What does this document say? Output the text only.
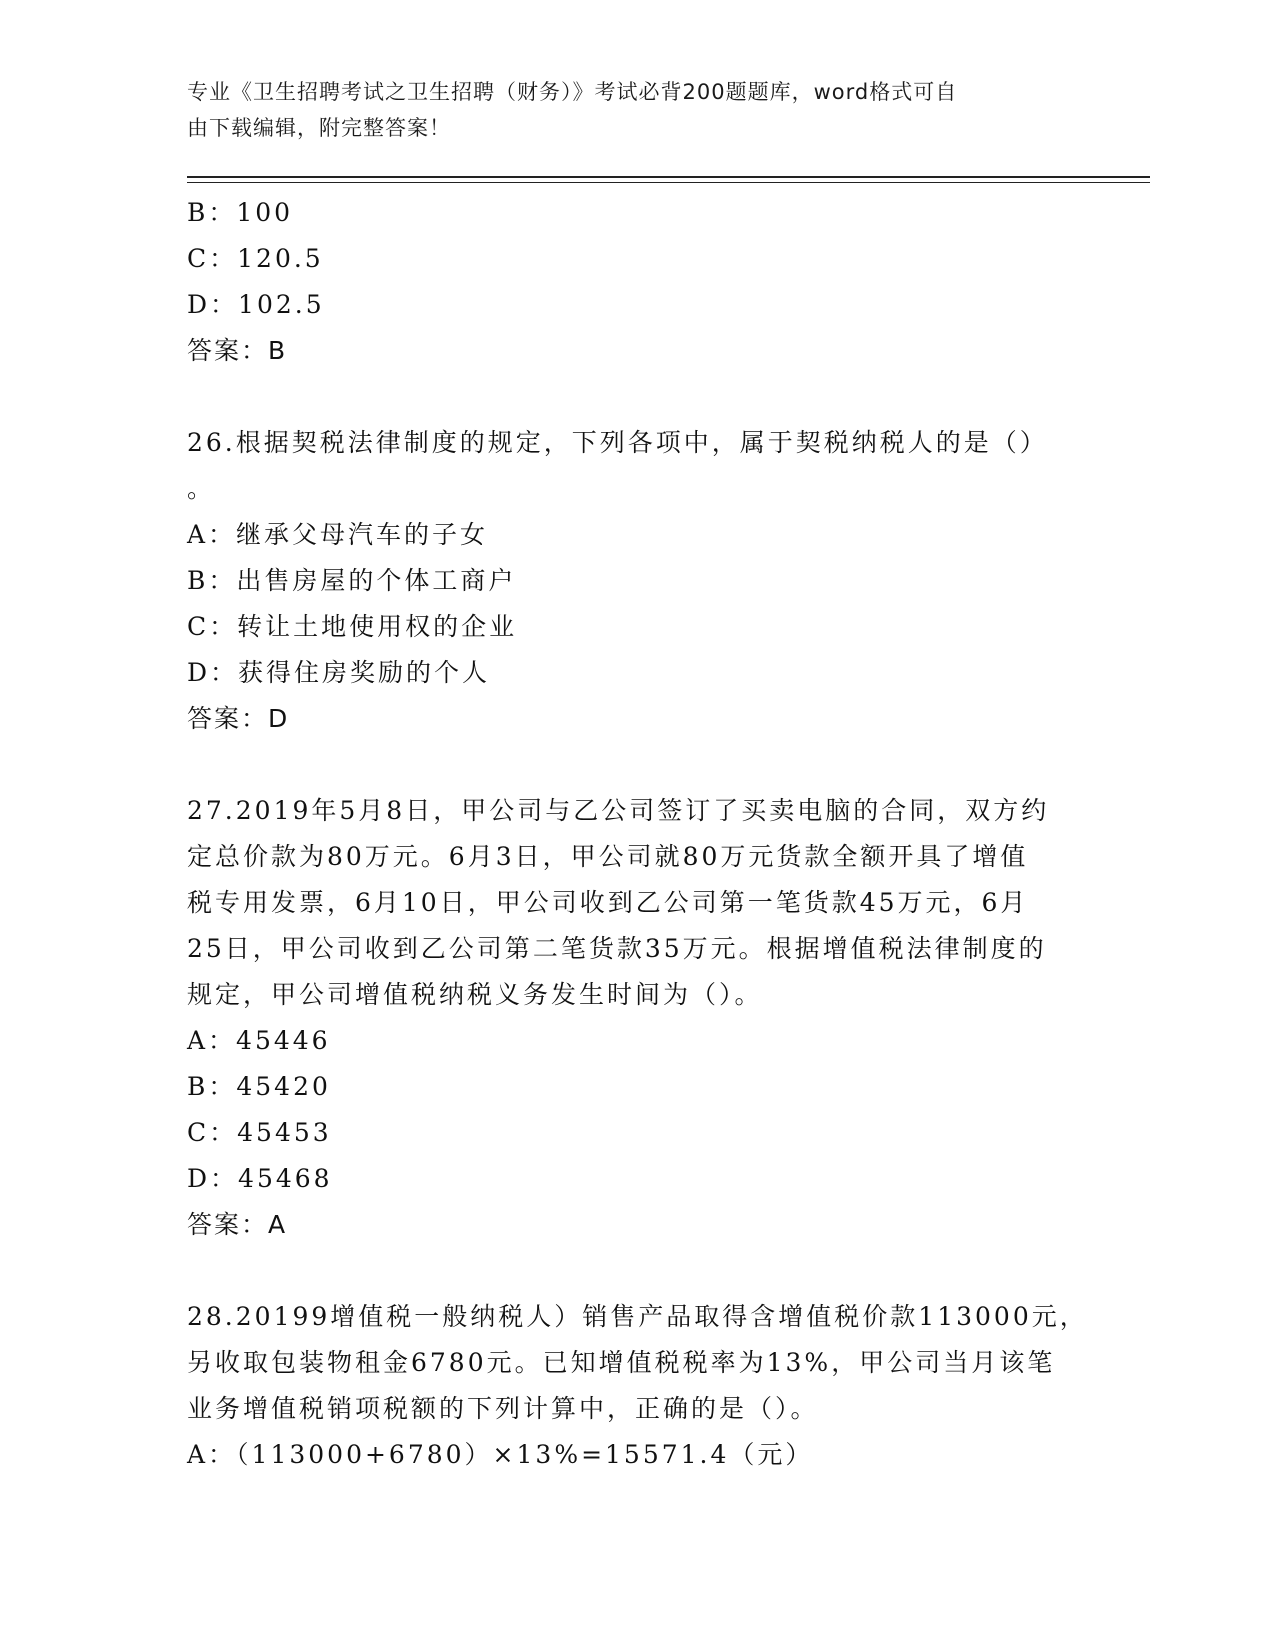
专业《卫生招聘考试之卫生招聘（财务）》考试必背200题题库，word格式可自
由下载编辑，附完整答案！
B：100
C：120.5
D：102.5
答案：B
26.根据契税法律制度的规定，下列各项中，属于契税纳税人的是（）
。
A：继承父母汽车的子女
B：出售房屋的个体工商户
C：转让土地使用权的企业
D：获得住房奖励的个人
答案：D
27.2019年5月8日，甲公司与乙公司签订了买卖电脑的合同，双方约
定总价款为80万元。6月3日，甲公司就80万元货款全额开具了增值
税专用发票，6月10日，甲公司收到乙公司第一笔货款45万元，6月
25日，甲公司收到乙公司第二笔货款35万元。根据增值税法律制度的
规定，甲公司增值税纳税义务发生时间为（）。
A：45446
B：45420
C：45453
D：45468
答案：A
28.20199增值税一般纳税人）销售产品取得含增值税价款113000元，
另收取包装物租金6780元。已知增值税税率为13%，甲公司当月该笔
业务增值税销项税额的下列计算中，正确的是（）。
A：（113000+6780）×13%=15571.4（元）
